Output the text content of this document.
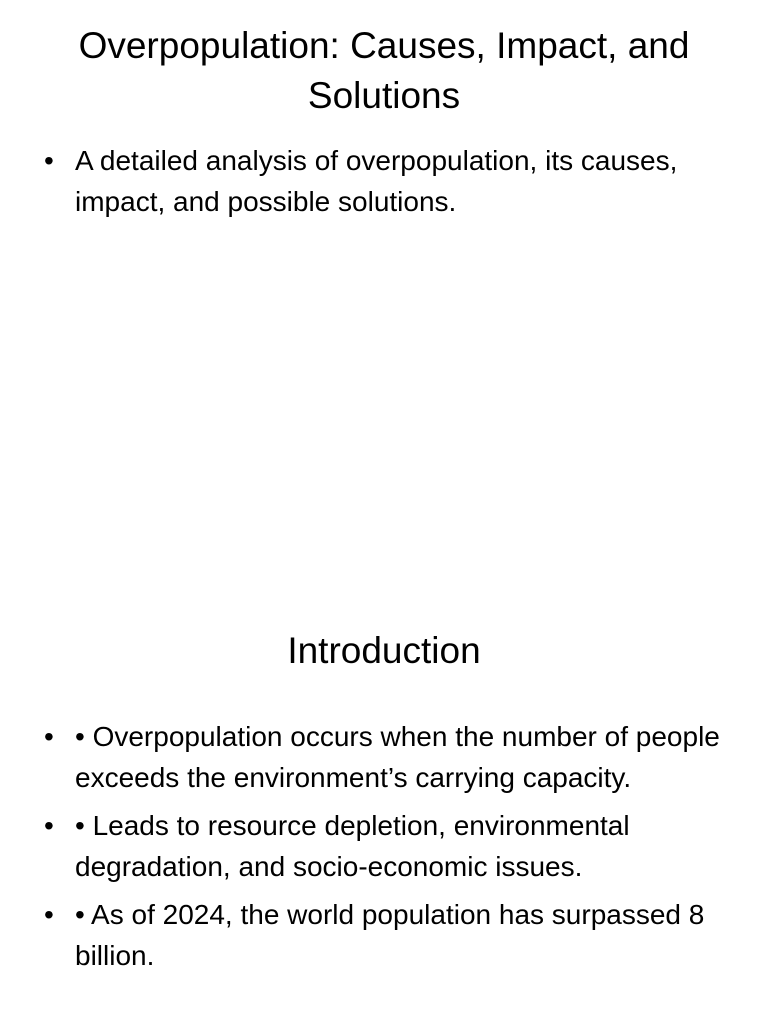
Overpopulation: Causes, Impact, and Solutions
• A detailed analysis of overpopulation, its causes, impact, and possible solutions.
Introduction
• • Overpopulation occurs when the number of people exceeds the environment’s carrying capacity.
• • Leads to resource depletion, environmental degradation, and socio-economic issues.
• • As of 2024, the world population has surpassed 8 billion.
